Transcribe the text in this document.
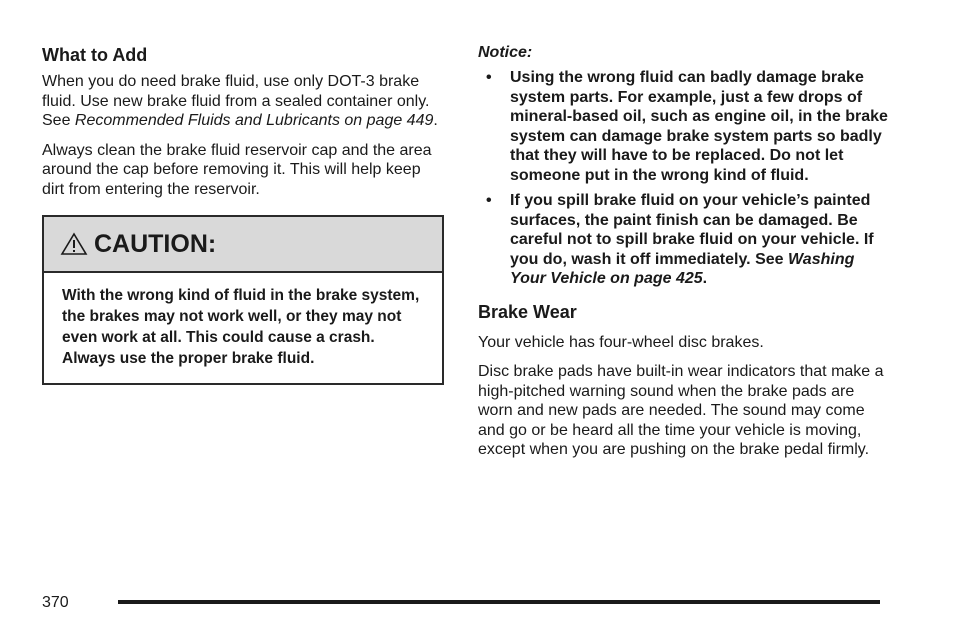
What to Add

When you do need brake fluid, use only DOT-3 brake fluid. Use new brake fluid from a sealed container only. See Recommended Fluids and Lubricants on page 449.

Always clean the brake fluid reservoir cap and the area around the cap before removing it. This will help keep dirt from entering the reservoir.

CAUTION:

With the wrong kind of fluid in the brake system, the brakes may not work well, or they may not even work at all. This could cause a crash. Always use the proper brake fluid.

Notice:
• Using the wrong fluid can badly damage brake system parts. For example, just a few drops of mineral-based oil, such as engine oil, in the brake system can damage brake system parts so badly that they will have to be replaced. Do not let someone put in the wrong kind of fluid.
• If you spill brake fluid on your vehicle’s painted surfaces, the paint finish can be damaged. Be careful not to spill brake fluid on your vehicle. If you do, wash it off immediately. See Washing Your Vehicle on page 425.
Brake Wear

Your vehicle has four-wheel disc brakes.

Disc brake pads have built-in wear indicators that make a high-pitched warning sound when the brake pads are worn and new pads are needed. The sound may come and go or be heard all the time your vehicle is moving, except when you are pushing on the brake pedal firmly.

370
